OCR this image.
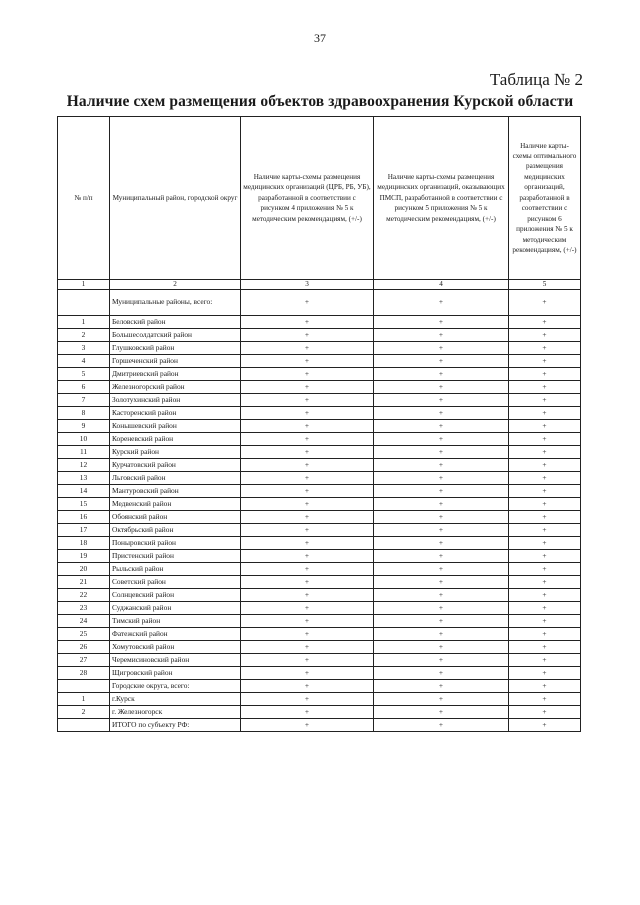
37
Таблица № 2
Наличие схем размещения объектов здравоохранения Курской области
№ п/п	Муниципальный район, городской округ	Наличие карты-схемы размещения медицинских организаций (ЦРБ, РБ, УБ), разработанной в соответствии с рисунком 4 приложения № 5 к методическим рекомендациям, (+/-)	Наличие карты-схемы размещения медицинских организаций, оказывающих ПМСП, разработанной в соответствии с рисунком 5 приложения № 5 к методическим рекомендациям, (+/-)	Наличие карты-схемы оптимального размещения медицинских организаций, разработанной в соответствии с рисунком 6 приложения № 5 к методическим рекомендациям, (+/-)
1	2	3	4	5
	Муниципальные районы, всего:	+	+	+
1	Беловский район	+	+	+
2	Большесолдатский район	+	+	+
3	Глушковский район	+	+	+
4	Горшеченский район	+	+	+
5	Дмитриевский район	+	+	+
6	Железногорский район	+	+	+
7	Золотухинский район	+	+	+
8	Касторенский район	+	+	+
9	Конышевский район	+	+	+
10	Кореневский район	+	+	+
11	Курский район	+	+	+
12	Курчатовский район	+	+	+
13	Льговский район	+	+	+
14	Мантуровский район	+	+	+
15	Медвенский район	+	+	+
16	Обоянский район	+	+	+
17	Октябрьский район	+	+	+
18	Поныровский район	+	+	+
19	Пристенский район	+	+	+
20	Рыльский район	+	+	+
21	Советский район	+	+	+
22	Солнцевский район	+	+	+
23	Суджанский район	+	+	+
24	Тимский район	+	+	+
25	Фатежский район	+	+	+
26	Хомутовский район	+	+	+
27	Черемисиновский район	+	+	+
28	Щигровский район	+	+	+
	Городские округа, всего:	+	+	+
1	г.Курск	+	+	+
2	г. Железногорск	+	+	+
	ИТОГО по субъекту РФ:	+	+	+
